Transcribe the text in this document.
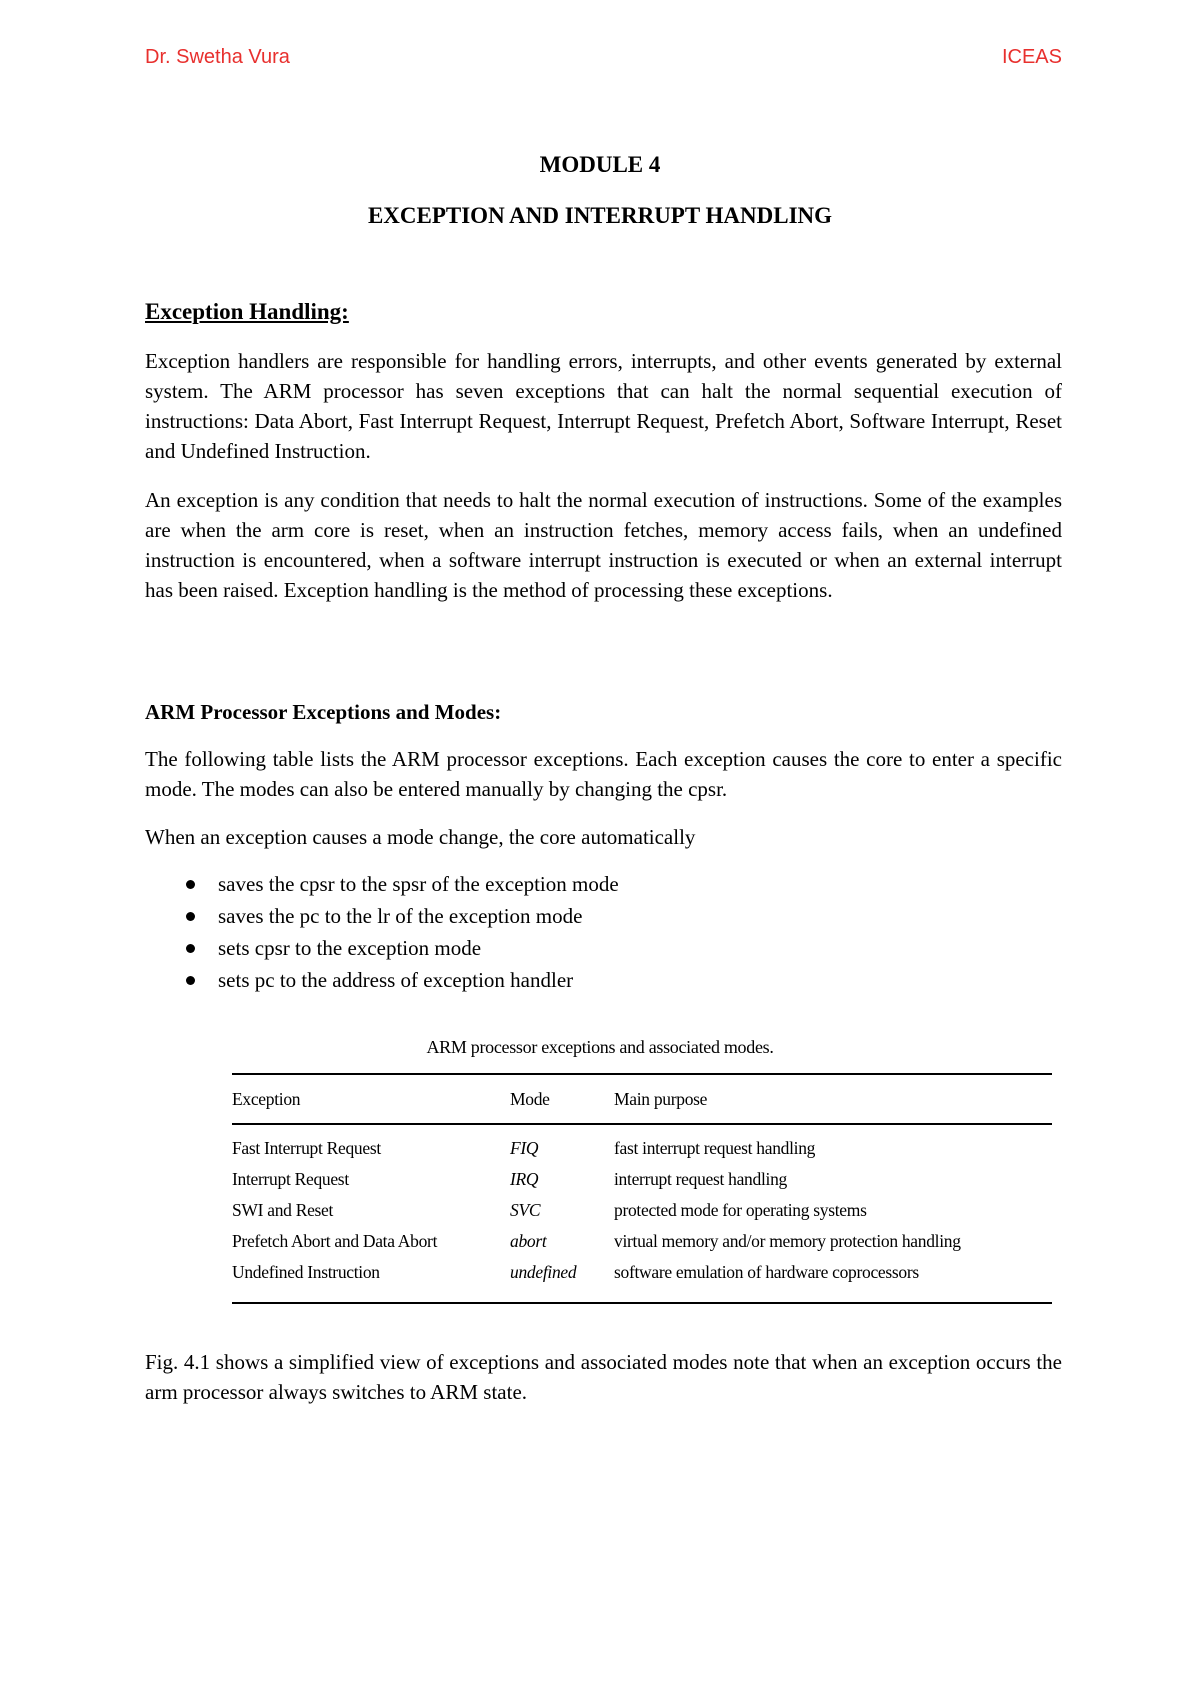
Dr. Swetha Vura	ICEAS
MODULE 4
EXCEPTION AND INTERRUPT HANDLING
Exception Handling:

Exception handlers are responsible for handling errors, interrupts, and other events generated by external system. The ARM processor has seven exceptions that can halt the normal sequential execution of instructions: Data Abort, Fast Interrupt Request, Interrupt Request, Prefetch Abort, Software Interrupt, Reset and Undefined Instruction.

An exception is any condition that needs to halt the normal execution of instructions. Some of the examples are when the arm core is reset, when an instruction fetches, memory access fails, when an undefined instruction is encountered, when a software interrupt instruction is executed or when an external interrupt has been raised. Exception handling is the method of processing these exceptions.

ARM Processor Exceptions and Modes:

The following table lists the ARM processor exceptions. Each exception causes the core to enter a specific mode. The modes can also be entered manually by changing the cpsr.

When an exception causes a mode change, the core automatically

saves the cpsr to the spsr of the exception mode
saves the pc to the lr of the exception mode
sets cpsr to the exception mode
sets pc to the address of exception handler
ARM processor exceptions and associated modes.
Exception	Mode	Main purpose
Fast Interrupt Request	FIQ	fast interrupt request handling
Interrupt Request	IRQ	interrupt request handling
SWI and Reset	SVC	protected mode for operating systems
Prefetch Abort and Data Abort	abort	virtual memory and/or memory protection handling
Undefined Instruction	undefined	software emulation of hardware coprocessors

Fig. 4.1 shows a simplified view of exceptions and associated modes note that when an exception occurs the arm processor always switches to ARM state.
